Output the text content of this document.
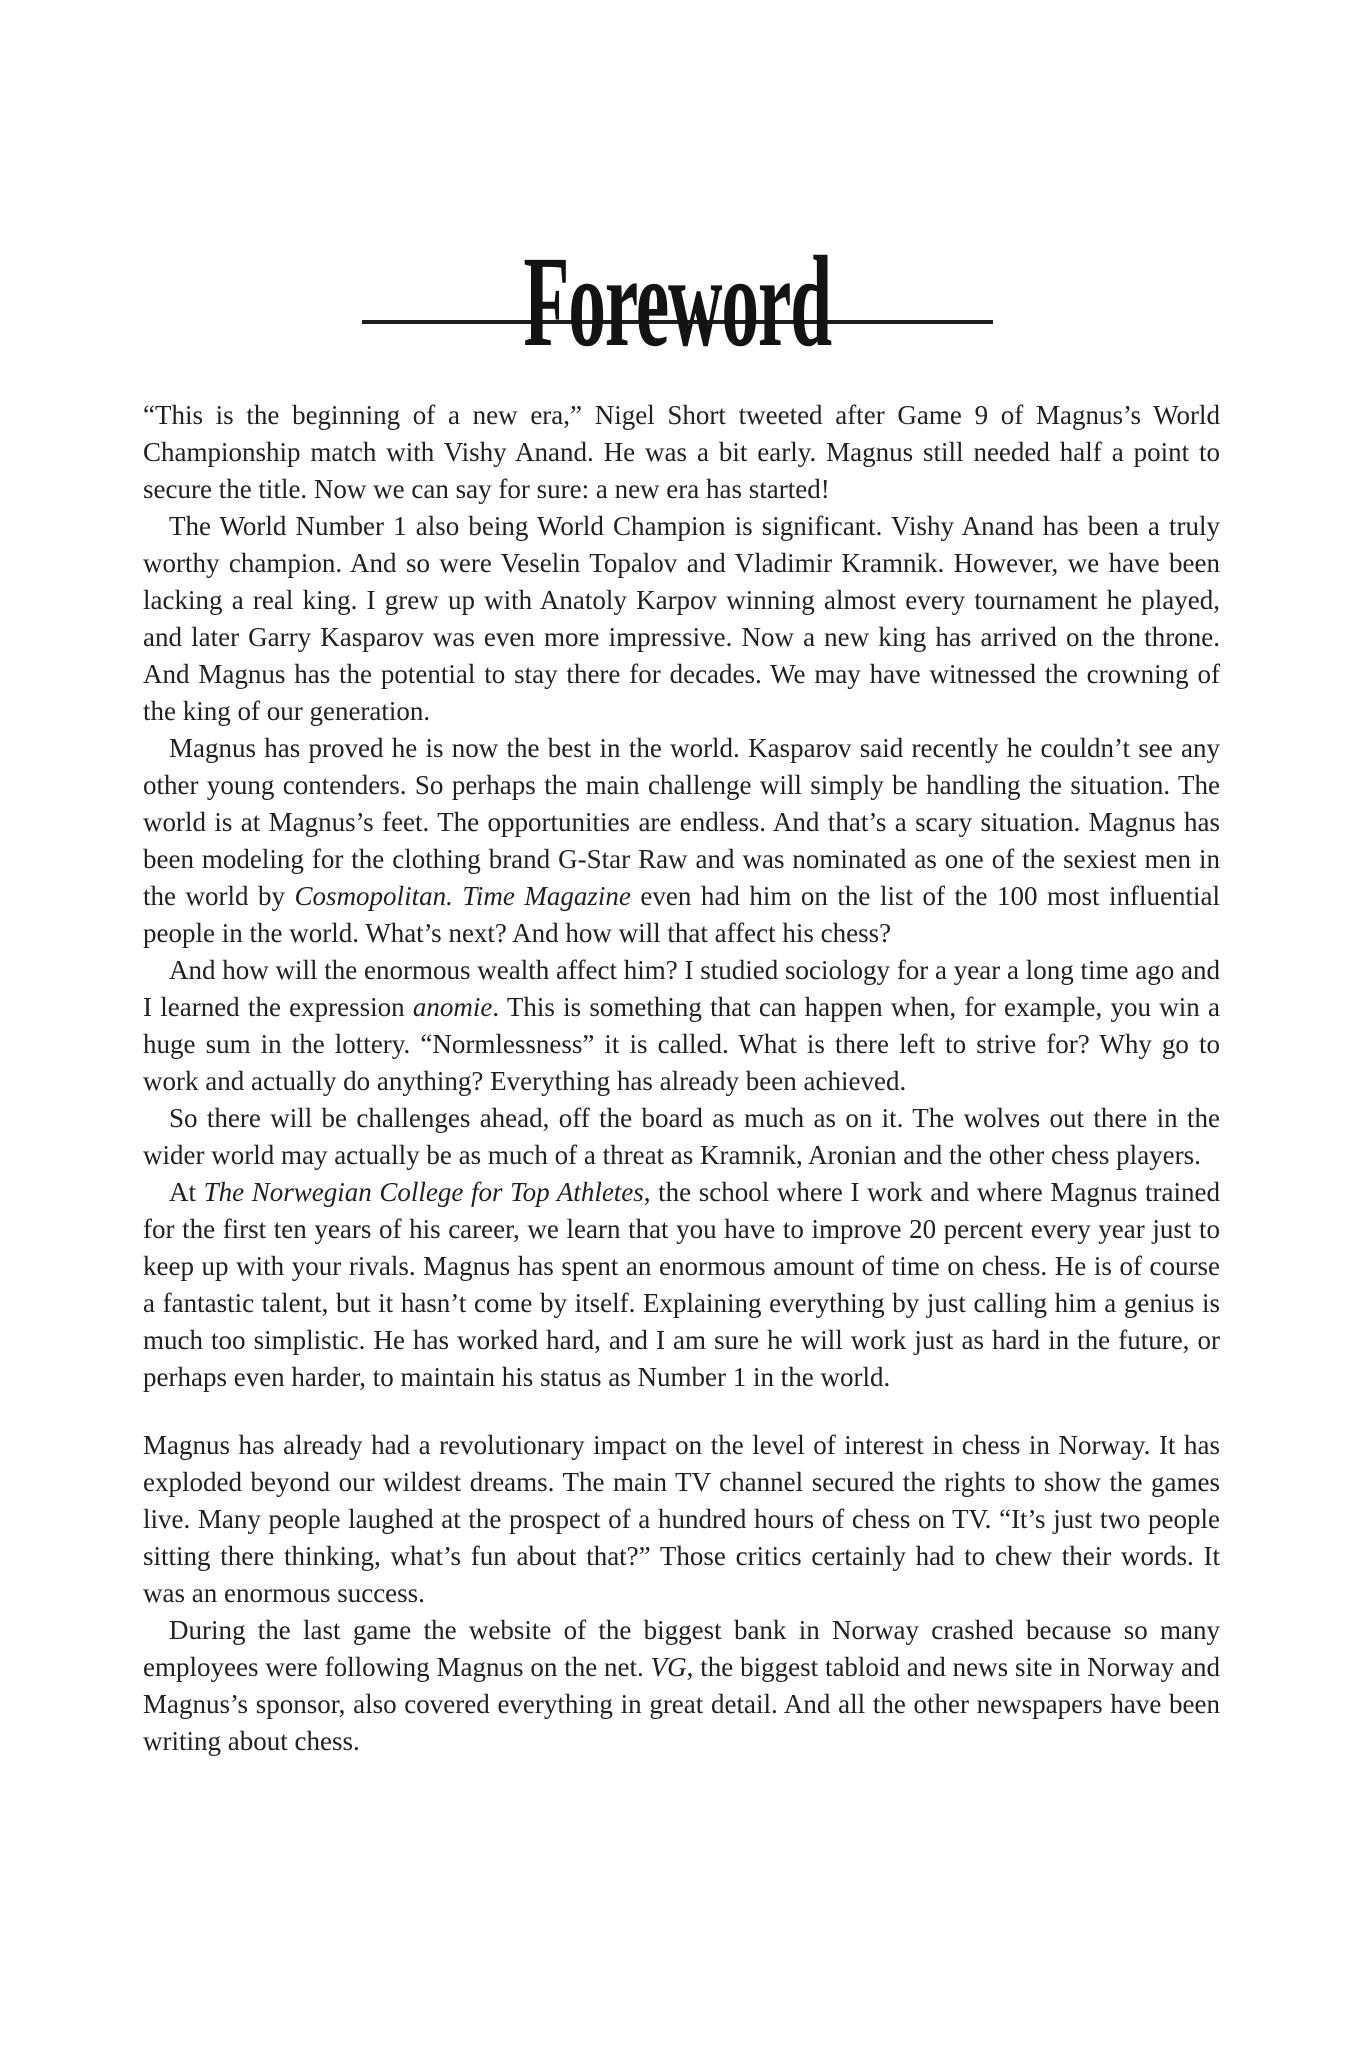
Foreword

“This is the beginning of a new era,” Nigel Short tweeted after Game 9 of Magnus’s World Championship match with Vishy Anand. He was a bit early. Magnus still needed half a point to secure the title. Now we can say for sure: a new era has started!

The World Number 1 also being World Champion is significant. Vishy Anand has been a truly worthy champion. And so were Veselin Topalov and Vladimir Kramnik. However, we have been lacking a real king. I grew up with Anatoly Karpov winning almost every tournament he played, and later Garry Kasparov was even more impressive. Now a new king has arrived on the throne. And Magnus has the potential to stay there for decades. We may have witnessed the crowning of the king of our generation.

Magnus has proved he is now the best in the world. Kasparov said recently he couldn’t see any other young contenders. So perhaps the main challenge will simply be handling the situation. The world is at Magnus’s feet. The opportunities are endless. And that’s a scary situation. Magnus has been modeling for the clothing brand G-Star Raw and was nominated as one of the sexiest men in the world by Cosmopolitan. Time Magazine even had him on the list of the 100 most influential people in the world. What’s next? And how will that affect his chess?

And how will the enormous wealth affect him? I studied sociology for a year a long time ago and I learned the expression anomie. This is something that can happen when, for example, you win a huge sum in the lottery. “Normlessness” it is called. What is there left to strive for? Why go to work and actually do anything? Everything has already been achieved.

So there will be challenges ahead, off the board as much as on it. The wolves out there in the wider world may actually be as much of a threat as Kramnik, Aronian and the other chess players.

At The Norwegian College for Top Athletes, the school where I work and where Magnus trained for the first ten years of his career, we learn that you have to improve 20 percent every year just to keep up with your rivals. Magnus has spent an enormous amount of time on chess. He is of course a fantastic talent, but it hasn’t come by itself. Explaining everything by just calling him a genius is much too simplistic. He has worked hard, and I am sure he will work just as hard in the future, or perhaps even harder, to maintain his status as Number 1 in the world.

Magnus has already had a revolutionary impact on the level of interest in chess in Norway. It has exploded beyond our wildest dreams. The main TV channel secured the rights to show the games live. Many people laughed at the prospect of a hundred hours of chess on TV. “It’s just two people sitting there thinking, what’s fun about that?” Those critics certainly had to chew their words. It was an enormous success.

During the last game the website of the biggest bank in Norway crashed because so many employees were following Magnus on the net. VG, the biggest tabloid and news site in Norway and Magnus’s sponsor, also covered everything in great detail. And all the other newspapers have been writing about chess.
